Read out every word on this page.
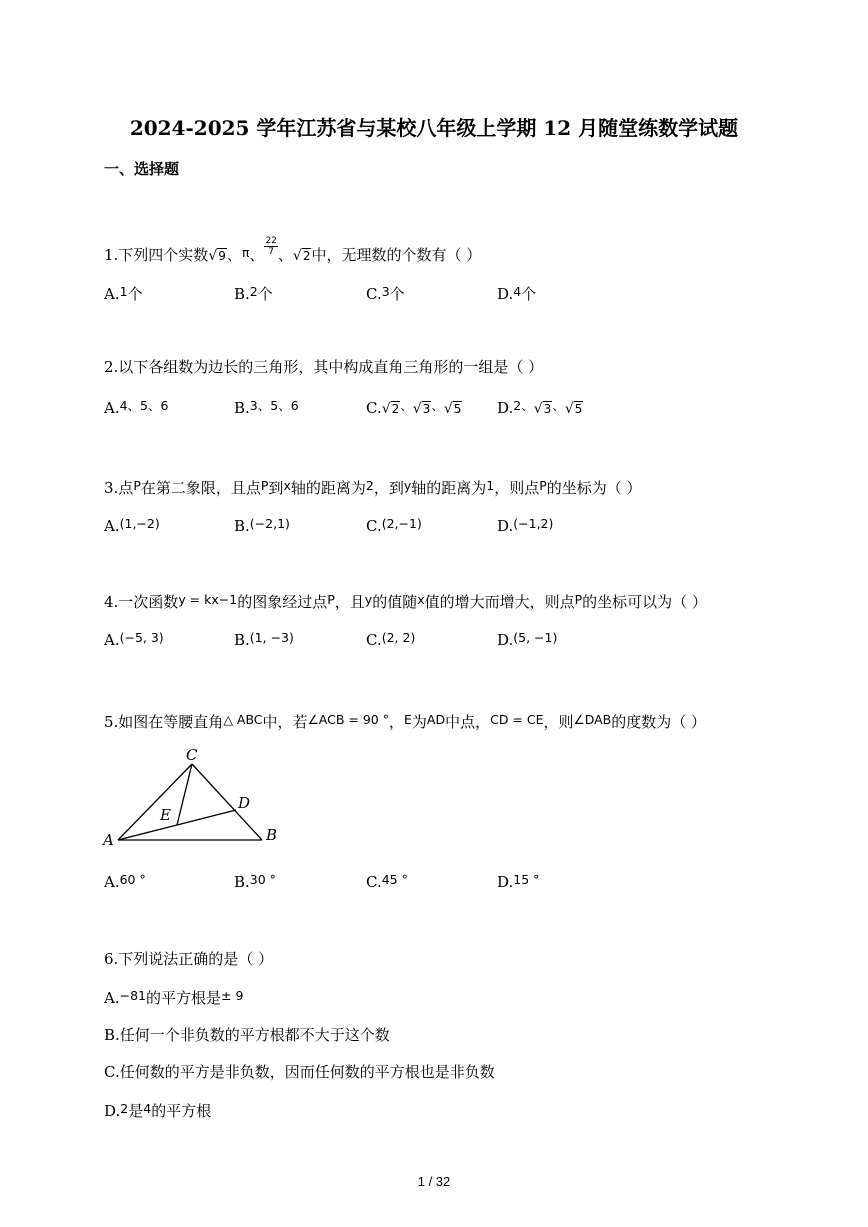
2024-2025 学年江苏省与某校八年级上学期 12 月随堂练数学试题
一、选择题
1.下列四个实数√9、$^\pi$、 $\frac{22}{7}$ 、√2中，无理数的个数有（ ）
A.$^1$个	B.$^2$个	C.$^3$个	D.$^4$个
2.以下各组数为边长的三角形，其中构成直角三角形的一组是（ ）
A.$^{4、5、6}$	B.$^{3、5、6}$	C.√2、√3、√5 D.$^{2、}$√3、√5
3.点$^P$在第二象限，且点$^P$到$^x$轴的距离为$^2$，到$^y$轴的距离为$^1$，则点$^P$的坐标为（ ）
A.$^{(1,-2)}$	B.$^{(-2,1)}$	C.$^{(2,-1)}$	D.$^{(-1,2)}$
4.一次函数$^{y = kx-1}$的图象经过点$^P$，且$^y$的值随$^x$值的增大而增大，则点$^P$的坐标可以为（ ）
A.$^{(-5, 3)}$	B.$^{(1, -3)}$	C.$^{(2, 2)}$	D.$^{(5, -1)}$
5.如图在等腰直角$^{\triangle ABC}$中，若$^{\angle ACB = 90 ^\circ}$，$^E$为$^{AD}$中点，$^{CD = CE}$，则$^{\angle DAB}$的度数为（ ）
C
D
E
A	B
A.$^{60 ^\circ}$	B.$^{30 ^\circ}$	C.$^{45 ^\circ}$	D.$^{15 ^\circ}$
6.下列说法正确的是（ ）
A.$^{-81}$的平方根是$^{\pm 9}$
B.任何一个非负数的平方根都不大于这个数
C.任何数的平方是非负数，因而任何数的平方根也是非负数
D.$^2$是$^4$的平方根
1 / 32
